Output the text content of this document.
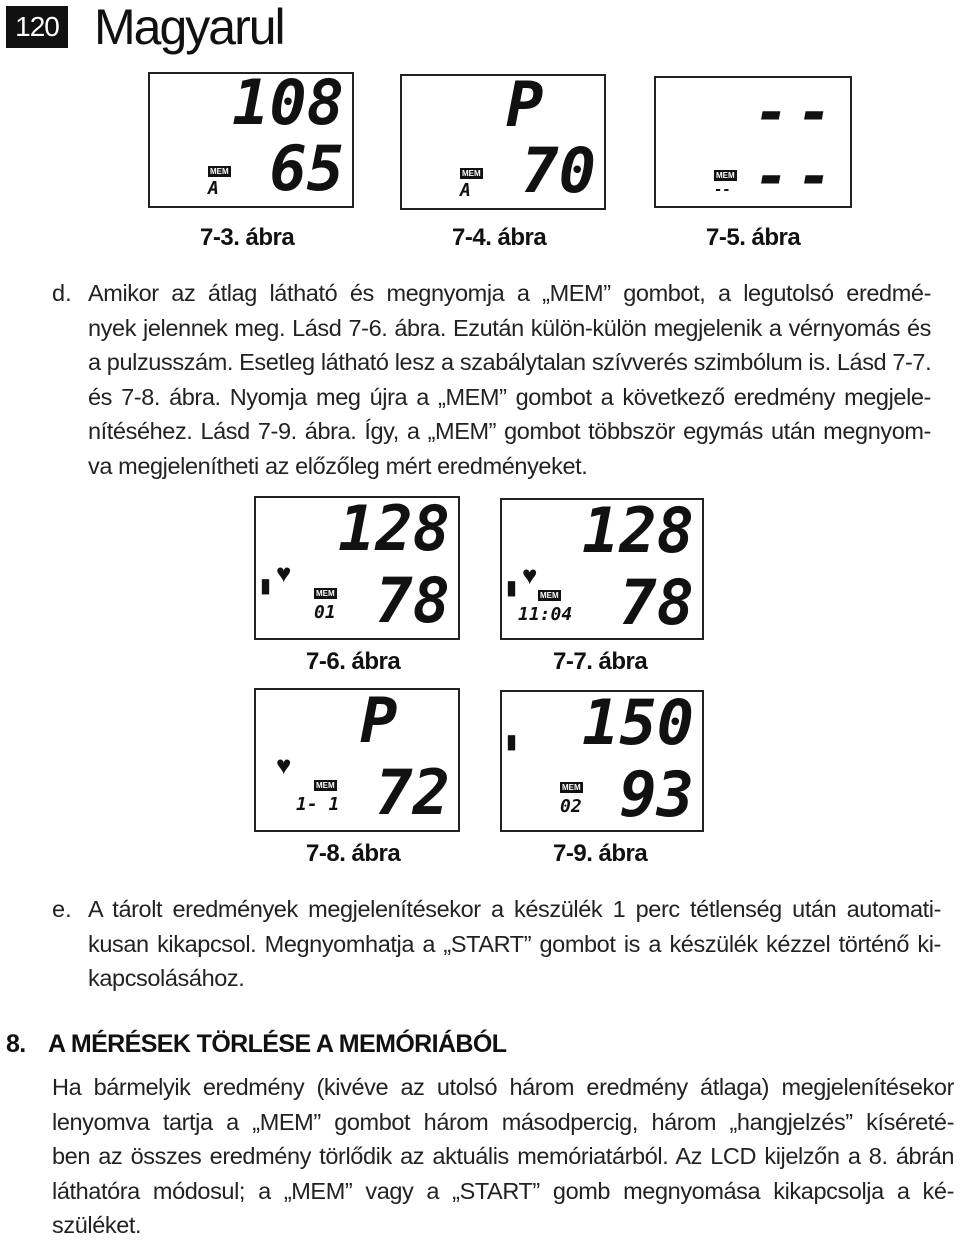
120 Magyarul
108
65
MEM
A
P
70
MEM
A
--
--
MEM
--
7-3. ábra	7-4. ábra	7-5. ábra
d. Amikor az átlag látható és megnyomja a „MEM” gombot, a legutolsó eredmé-
nyek jelennek meg. Lásd 7-6. ábra. Ezután külön-külön megjelenik a vérnyomás és
a pulzusszám. Esetleg látható lesz a szabálytalan szívverés szimbólum is. Lásd 7-7.
és 7-8. ábra. Nyomja meg újra a „MEM” gombot a következő eredmény megjele-
nítéséhez. Lásd 7-9. ábra. Így, a „MEM” gombot többször egymás után megnyom-
va megjelenítheti az előzőleg mért eredményeket.
♥
▮
128
78
MEM
01
♥
▮
128
78
MEM
11:04
7-6. ábra	7-7. ábra
♥
P
72
MEM
1- 1
▮ 150
93
MEM
02
7-8. ábra	7-9. ábra
e. A tárolt eredmények megjelenítésekor a készülék 1 perc tétlenség után automati-
kusan kikapcsol. Megnyomhatja a „START” gombot is a készülék kézzel történő ki-
kapcsolásához.
8. A MÉRÉSEK TÖRLÉSE A MEMÓRIÁBÓL
Ha bármelyik eredmény (kivéve az utolsó három eredmény átlaga) megjelenítésekor
lenyomva tartja a „MEM” gombot három másodpercig, három „hangjelzés” kíséreté-
ben az összes eredmény törlődik az aktuális memóriatárból. Az LCD kijelzőn a 8. ábrán
láthatóra módosul; a „MEM” vagy a „START” gomb megnyomása kikapcsolja a ké-
szüléket.
